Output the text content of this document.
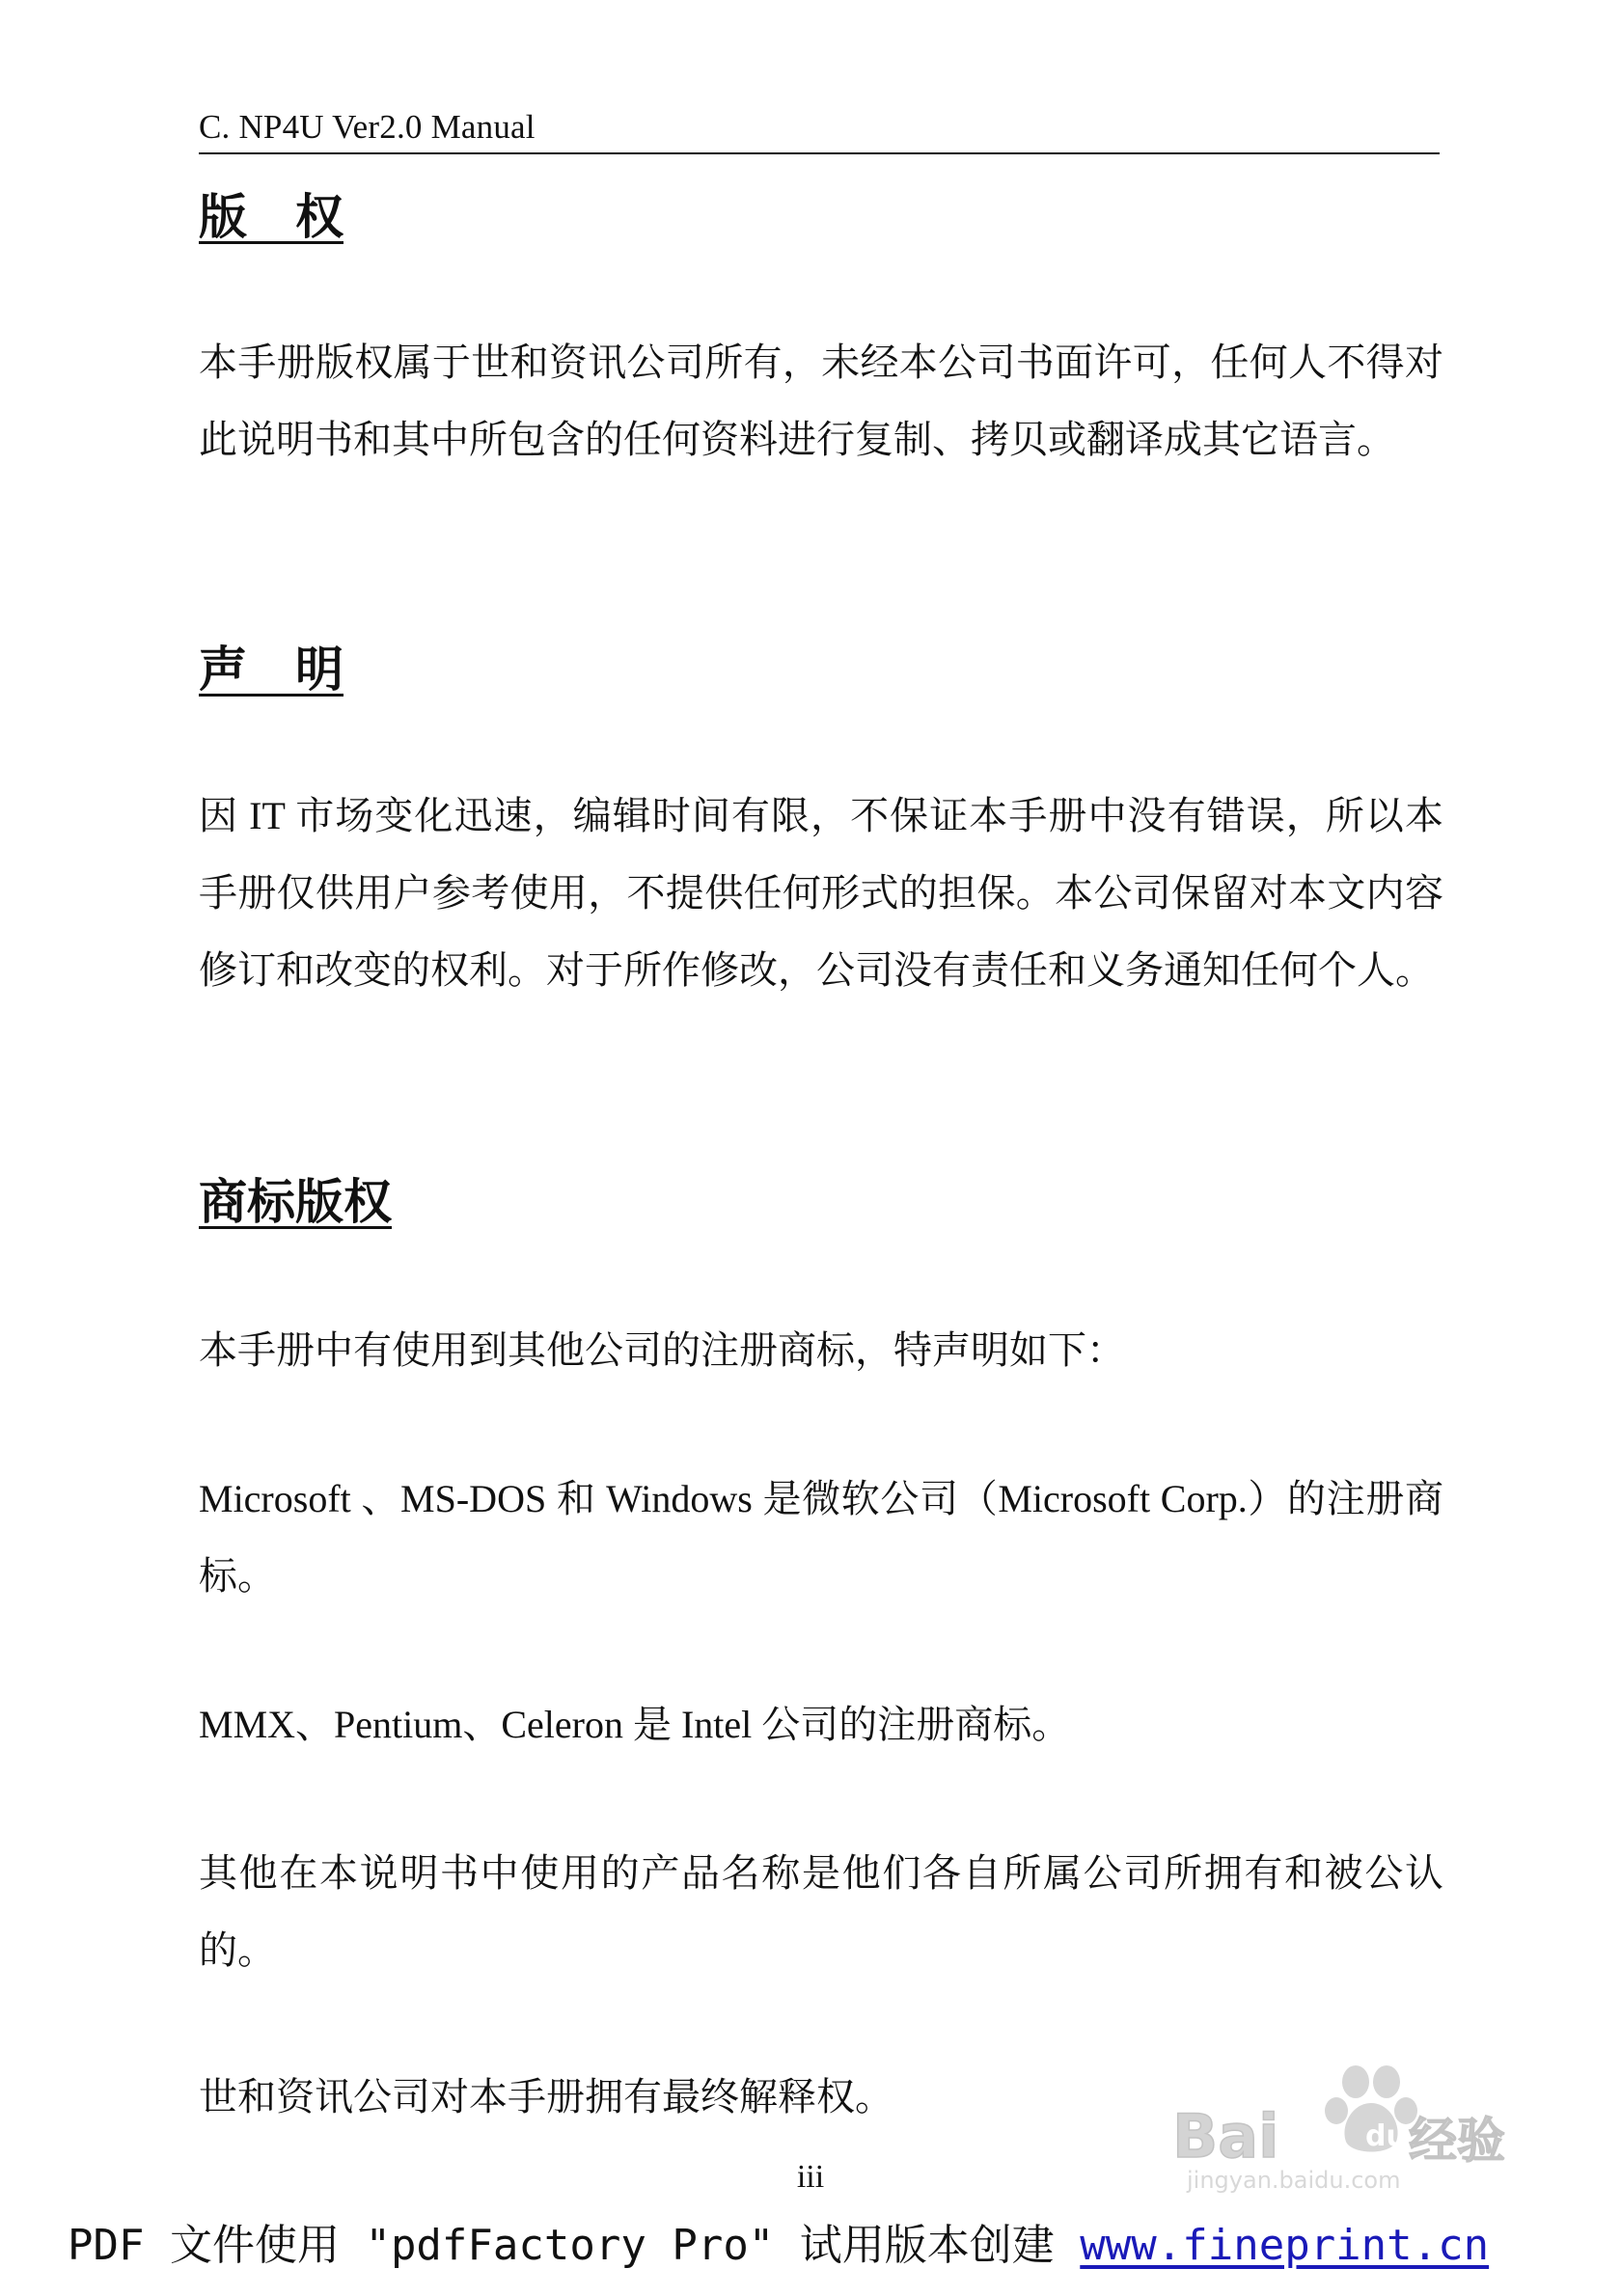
C. NP4U Ver2.0 Manual
版　权

本手册版权属于世和资讯公司所有，未经本公司书面许可，任何人不得对此说明书和其中所包含的任何资料进行复制、拷贝或翻译成其它语言。

声　明

因 IT 市场变化迅速，编辑时间有限，不保证本手册中没有错误，所以本手册仅供用户参考使用，不提供任何形式的担保。本公司保留对本文内容修订和改变的权利。对于所作修改，公司没有责任和义务通知任何个人。

商标版权

本手册中有使用到其他公司的注册商标，特声明如下：

Microsoft 、MS-DOS 和 Windows 是微软公司（Microsoft Corp.）的注册商标。

MMX、Pentium、Celeron 是 Intel 公司的注册商标。

其他在本说明书中使用的产品名称是他们各自所属公司所拥有和被公认的。

世和资讯公司对本手册拥有最终解释权。

iii
PDF 文件使用 "pdfFactory Pro" 试用版本创建 www.fineprint.cn
Bai	经验
du
jingyan.baidu.com
